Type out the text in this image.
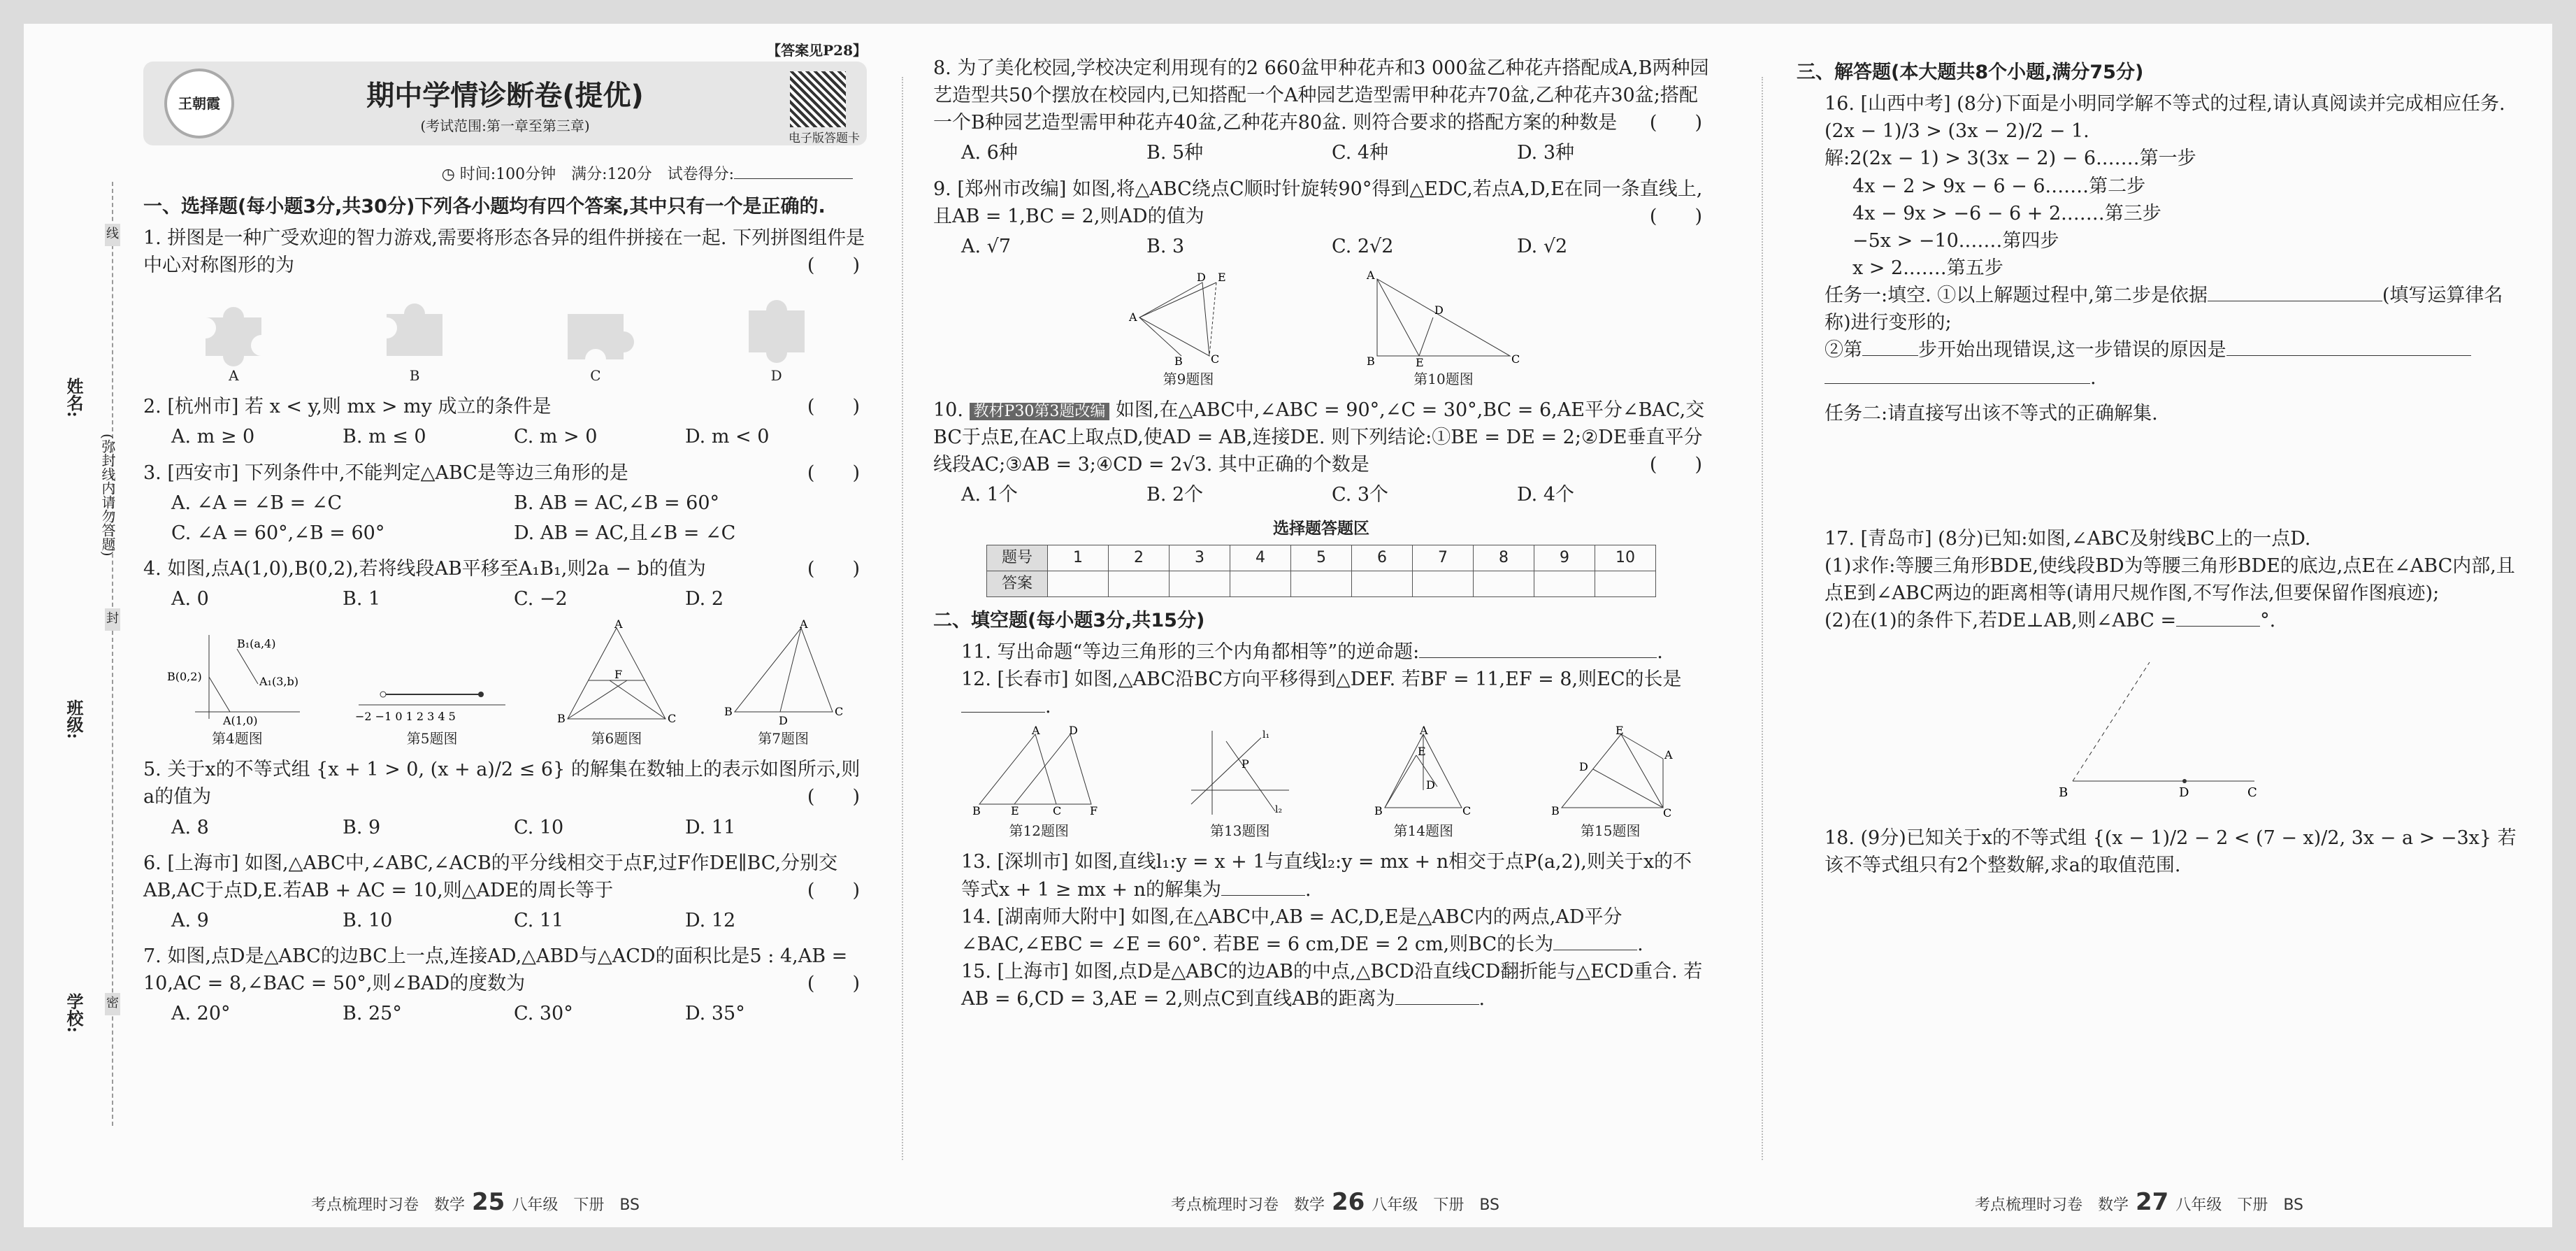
姓名:
班级:
学校:
(弥封线内请勿答题)
线
封
密
【答案见P28】
王朝霞	期中学情诊断卷(提优)
(考试范围:第一章至第三章)
电子版答题卡
◷ 时间:100分钟　满分:120分　试卷得分:
一、选择题(每小题3分,共30分)下列各小题均有四个答案,其中只有一个是正确的.
1. 拼图是一种广受欢迎的智力游戏,需要将形态各异的组件拼接在一起. 下列拼图组件是中心对称图形的为	(　　)
A	B	C	D
2. [杭州市] 若 x < y,则 mx > my 成立的条件是	(　　)
A. m ≥ 0	B. m ≤ 0	C. m > 0	D. m < 0
3. [西安市] 下列条件中,不能判定△ABC是等边三角形的是	(　　)
A. ∠A = ∠B = ∠C	B. AB = AC,∠B = 60°
C. ∠A = 60°,∠B = 60°	D. AB = AC,且∠B = ∠C
4. 如图,点A(1,0),B(0,2),若将线段AB平移至A₁B₁,则2a − b的值为	(　　)
A. 0	B. 1	C. −2	D. 2
B₁(a,4)
A₁(3,b)
B(0,2)
A(1,0)
第4题图
−2 −1 0 1 2 3 4 5
第5题图
A
B	C
F
第6题图
A
B	C
D
第7题图
5. 关于x的不等式组 {x + 1 > 0, (x + a)/2 ≤ 6} 的解集在数轴上的表示如图所示,则a的值为	(　　)
A. 8	B. 9	C. 10	D. 11
6. [上海市] 如图,△ABC中,∠ABC,∠ACB的平分线相交于点F,过F作DE∥BC,分别交AB,AC于点D,E.若AB + AC = 10,则△ADE的周长等于	(　　)
A. 9	B. 10	C. 11	D. 12
7. 如图,点D是△ABC的边BC上一点,连接AD,△ABD与△ACD的面积比是5 : 4,AB = 10,AC = 8,∠BAC = 50°,则∠BAD的度数为	(　　)
A. 20°	B. 25°	C. 30°	D. 35°
8. 为了美化校园,学校决定利用现有的2 660盆甲种花卉和3 000盆乙种花卉搭配成A,B两种园艺造型共50个摆放在校园内,已知搭配一个A种园艺造型需甲种花卉70盆,乙种花卉30盆;搭配一个B种园艺造型需甲种花卉40盆,乙种花卉80盆. 则符合要求的搭配方案的种数是 (　　)
A. 6种	B. 5种	C. 4种	D. 3种
9. [郑州市改编] 如图,将△ABC绕点C顺时针旋转90°得到△EDC,若点A,D,E在同一条直线上,且AB = 1,BC = 2,则AD的值为	(　　)
A. √7	B. 3	C. 2√2	D. √2
D E
A
B	C
第9题图
A
D
B	E	C
第10题图
10. 教材P30第3题改编 如图,在△ABC中,∠ABC = 90°,∠C = 30°,BC = 6,AE平分∠BAC,交BC于点E,在AC上取点D,使AD = AB,连接DE. 则下列结论:①BE = DE = 2;②DE垂直平分线段AC;③AB = 3;④CD = 2√3. 其中正确的个数是	(　　)
A. 1个	B. 2个	C. 3个	D. 4个
选择题答题区
题号	1	2	3	4	5	6	7	8	9	10
答案										
二、填空题(每小题3分,共15分)
11. 写出命题“等边三角形的三个内角都相等”的逆命题:	.
12. [长春市] 如图,△ABC沿BC方向平移得到△DEF. 若BF = 11,EF = 8,则EC的长是.
A	D
B	E	C	F
第12题图
P
l₁
l₂
第13题图
A
B	C
D
E
第14题图
E
A
D
B	C
第15题图
13. [深圳市] 如图,直线l₁:y = x + 1与直线l₂:y = mx + n相交于点P(a,2),则关于x的不等式x + 1 ≥ mx + n的解集为	.
14. [湖南师大附中] 如图,在△ABC中,AB = AC,D,E是△ABC内的两点,AD平分∠BAC,∠EBC = ∠E = 60°. 若BE = 6 cm,DE = 2 cm,则BC的长为	.
15. [上海市] 如图,点D是△ABC的边AB的中点,△BCD沿直线CD翻折能与△ECD重合. 若AB = 6,CD = 3,AE = 2,则点C到直线AB的距离为	.
三、解答题(本大题共8个小题,满分75分)
16. [山西中考] (8分)下面是小明同学解不等式的过程,请认真阅读并完成相应任务.
(2x − 1)/3 > (3x − 2)/2 − 1.
解:2(2x − 1) > 3(3x − 2) − 6.……第一步
4x − 2 > 9x − 6 − 6.……第二步
4x − 9x > −6 − 6 + 2.……第三步
−5x > −10.……第四步
x > 2.……第五步
任务一:填空. ①以上解题过程中,第二步是依据	(填写运算律名称)进行变形的;
②第	步开始出现错误,这一步错误的原因是
.
任务二:请直接写出该不等式的正确解集.
17. [青岛市] (8分)已知:如图,∠ABC及射线BC上的一点D.
(1)求作:等腰三角形BDE,使线段BD为等腰三角形BDE的底边,点E在∠ABC内部,且点E到∠ABC两边的距离相等(请用尺规作图,不写作法,但要保留作图痕迹);
(2)在(1)的条件下,若DE⊥AB,则∠ABC =	°.
B	D	C
18. (9分)已知关于x的不等式组 {(x − 1)/2 − 2 < (7 − x)/2, 3x − a > −3x} 若该不等式组只有2个整数解,求a的取值范围.
考点梳理时习卷　数学 25 八年级　下册　BS	考点梳理时习卷　数学 26 八年级　下册　BS	考点梳理时习卷　数学 27 八年级　下册　BS
